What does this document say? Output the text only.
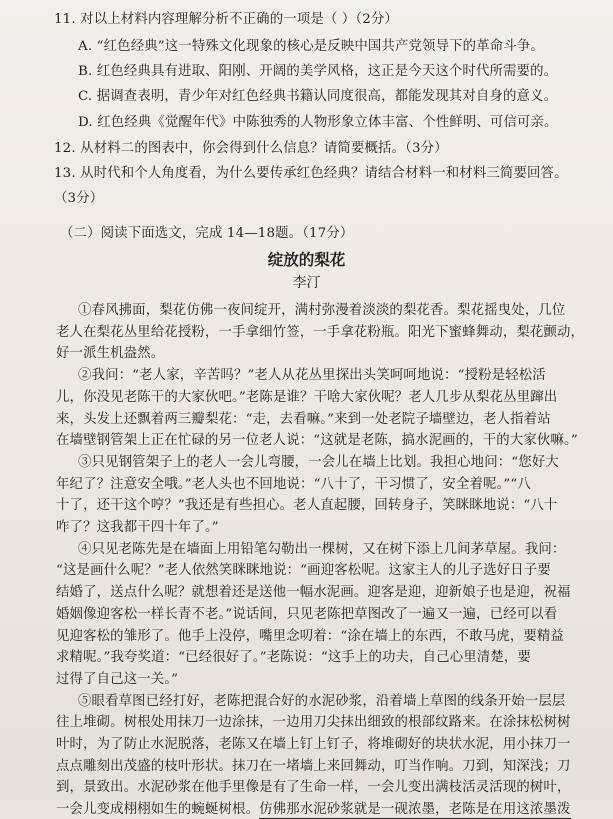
11. 对以上材料内容理解分析不正确的一项是（ ）（2分）
A. “红色经典”这一特殊文化现象的核心是反映中国共产党领导下的革命斗争。
B. 红色经典具有进取、阳刚、开阔的美学风格，这正是今天这个时代所需要的。
C. 据调查表明，青少年对红色经典书籍认同度很高，都能发现其对自身的意义。
D. 红色经典《觉醒年代》中陈独秀的人物形象立体丰富、个性鲜明、可信可亲。
12. 从材料二的图表中，你会得到什么信息？请简要概括。（3分）
13. 从时代和个人角度看，为什么要传承红色经典？请结合材料一和材料三简要回答。
（3分）
（二）阅读下面选文，完成 14—18题。（17分）
绽放的梨花
李汀
①春风拂面，梨花仿佛一夜间绽开，满村弥漫着淡淡的梨花香。梨花摇曳处，几位
老人在梨花丛里给花授粉，一手拿细竹签，一手拿花粉瓶。阳光下蜜蜂舞动，梨花颤动，
好一派生机盎然。
②我问：“老人家，辛苦吗？”老人从花丛里探出头笑呵呵地说：“授粉是轻松活
儿，你没见老陈干的大家伙吧。”老陈是谁？干啥大家伙呢？老人几步从梨花丛里蹿出
来，头发上还飘着两三瓣梨花：“走，去看嘛。”来到一处老院子墙壁边，老人指着站
在墙壁钢管架上正在忙碌的另一位老人说：“这就是老陈，搞水泥画的，干的大家伙嘛。”
③只见钢管架子上的老人一会儿弯腰，一会儿在墙上比划。我担心地问：“您好大
年纪了？注意安全哦。”老人头也不回地说：“八十了，干习惯了，安全着呢。”“八
十了，还干这个哼？”我还是有些担心。老人直起腰，回转身子，笑眯眯地说：“八十
咋了？这我都干四十年了。”
④只见老陈先是在墙面上用铅笔勾勒出一棵树，又在树下添上几间茅草屋。我问：
“这是画什么呢？”老人依然笑眯眯地说：“画迎客松呢。这家主人的儿子选好日子要
结婚了，送点什么呢？就想着还是送他一幅水泥画。迎客是迎，迎新娘子也是迎，祝福
婚姻像迎客松一样长青不老。”说话间，只见老陈把草图改了一遍又一遍，已经可以看
见迎客松的雏形了。他手上没停，嘴里念叨着：“涂在墙上的东西，不敢马虎，要精益
求精呢。”我夸奖道：“已经很好了。”老陈说：“这手上的功夫，自己心里清楚，要
过得了自己这一关。”
⑤眼看草图已经打好，老陈把混合好的水泥砂浆，沿着墙上草图的线条开始一层层
往上堆砌。树根处用抹刀一边涂抹，一边用刀尖抹出细致的根部纹路来。在涂抹松树树
叶时，为了防止水泥脱落，老陈又在墙上钉上钉子，将堆砌好的块状水泥，用小抹刀一
点点雕刻出茂盛的枝叶形状。抹刀在一堵墙上来回舞动，叮当作响。刀到，知深浅；刀
到，景致出。水泥砂浆在他手里像是有了生命一样，一会儿变出满枝活灵活现的树叶，
一会儿变成栩栩如生的蜿蜒树根。仿佛那水泥砂浆就是一砚浓墨，老陈是在用这浓墨泼
